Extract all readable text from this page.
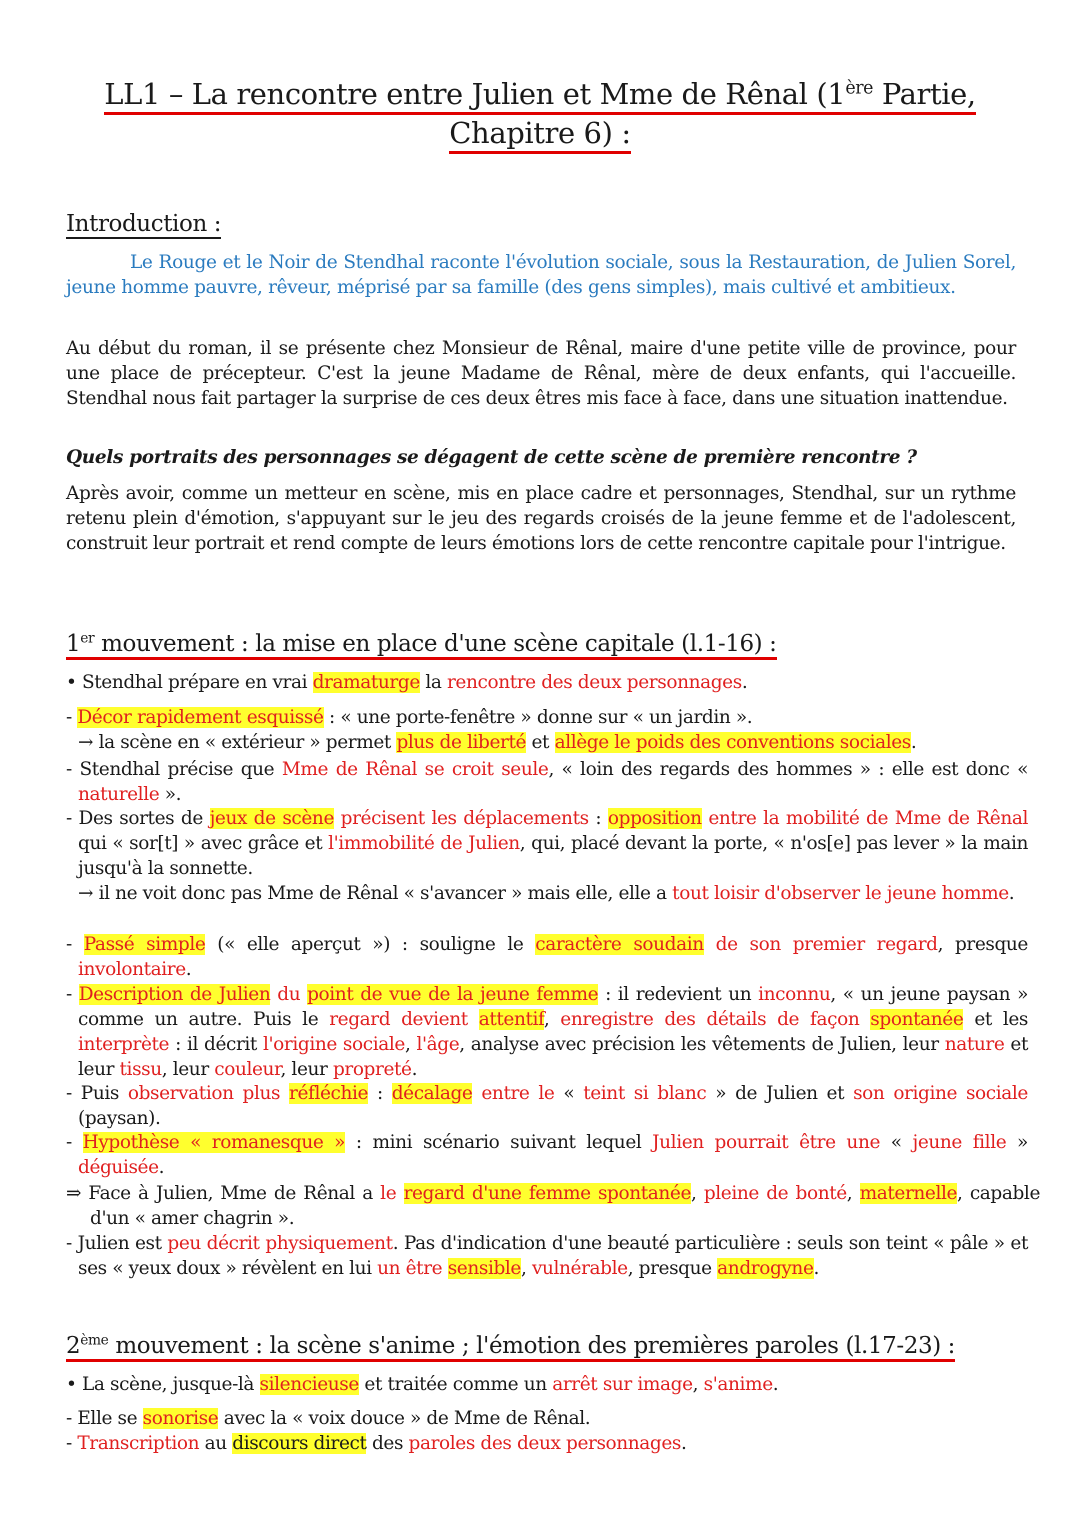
LL1 – La rencontre entre Julien et Mme de Rênal (1ère Partie,
Chapitre 6) :
Introduction :
Le Rouge et le Noir de Stendhal raconte l'évolution sociale, sous la Restauration, de Julien Sorel, jeune homme pauvre, rêveur, méprisé par sa famille (des gens simples), mais cultivé et ambitieux.
Au début du roman, il se présente chez Monsieur de Rênal, maire d'une petite ville de province, pour une place de précepteur. C'est la jeune Madame de Rênal, mère de deux enfants, qui l'accueille. Stendhal nous fait partager la surprise de ces deux êtres mis face à face, dans une situation inattendue.
Quels portraits des personnages se dégagent de cette scène de première rencontre ?
Après avoir, comme un metteur en scène, mis en place cadre et personnages, Stendhal, sur un rythme retenu plein d'émotion, s'appuyant sur le jeu des regards croisés de la jeune femme et de l'adolescent, construit leur portrait et rend compte de leurs émotions lors de cette rencontre capitale pour l'intrigue.
1er mouvement : la mise en place d'une scène capitale (l.1-16) :
• Stendhal prépare en vrai dramaturge la rencontre des deux personnages.
- Décor rapidement esquissé : « une porte-fenêtre » donne sur « un jardin ».
→ la scène en « extérieur » permet plus de liberté et allège le poids des conventions sociales.
- Stendhal précise que Mme de Rênal se croit seule, « loin des regards des hommes » : elle est donc « naturelle ».
- Des sortes de jeux de scène précisent les déplacements : opposition entre la mobilité de Mme de Rênal qui « sor[t] » avec grâce et l'immobilité de Julien, qui, placé devant la porte, « n'os[e] pas lever » la main jusqu'à la sonnette.
→ il ne voit donc pas Mme de Rênal « s'avancer » mais elle, elle a tout loisir d'observer le jeune homme.
- Passé simple (« elle aperçut ») : souligne le caractère soudain de son premier regard, presque involontaire.
- Description de Julien du point de vue de la jeune femme : il redevient un inconnu, « un jeune paysan » comme un autre. Puis le regard devient attentif, enregistre des détails de façon spontanée et les interprète : il décrit l'origine sociale, l'âge, analyse avec précision les vêtements de Julien, leur nature et leur tissu, leur couleur, leur propreté.
- Puis observation plus réfléchie : décalage entre le « teint si blanc » de Julien et son origine sociale (paysan).
- Hypothèse « romanesque » : mini scénario suivant lequel Julien pourrait être une « jeune fille » déguisée.
⇒ Face à Julien, Mme de Rênal a le regard d'une femme spontanée, pleine de bonté, maternelle, capable d'un « amer chagrin ».
- Julien est peu décrit physiquement. Pas d'indication d'une beauté particulière : seuls son teint « pâle » et ses « yeux doux » révèlent en lui un être sensible, vulnérable, presque androgyne.
2ème mouvement : la scène s'anime ; l'émotion des premières paroles (l.17-23) :
• La scène, jusque-là silencieuse et traitée comme un arrêt sur image, s'anime.
- Elle se sonorise avec la « voix douce » de Mme de Rênal.
- Transcription au discours direct des paroles des deux personnages.
